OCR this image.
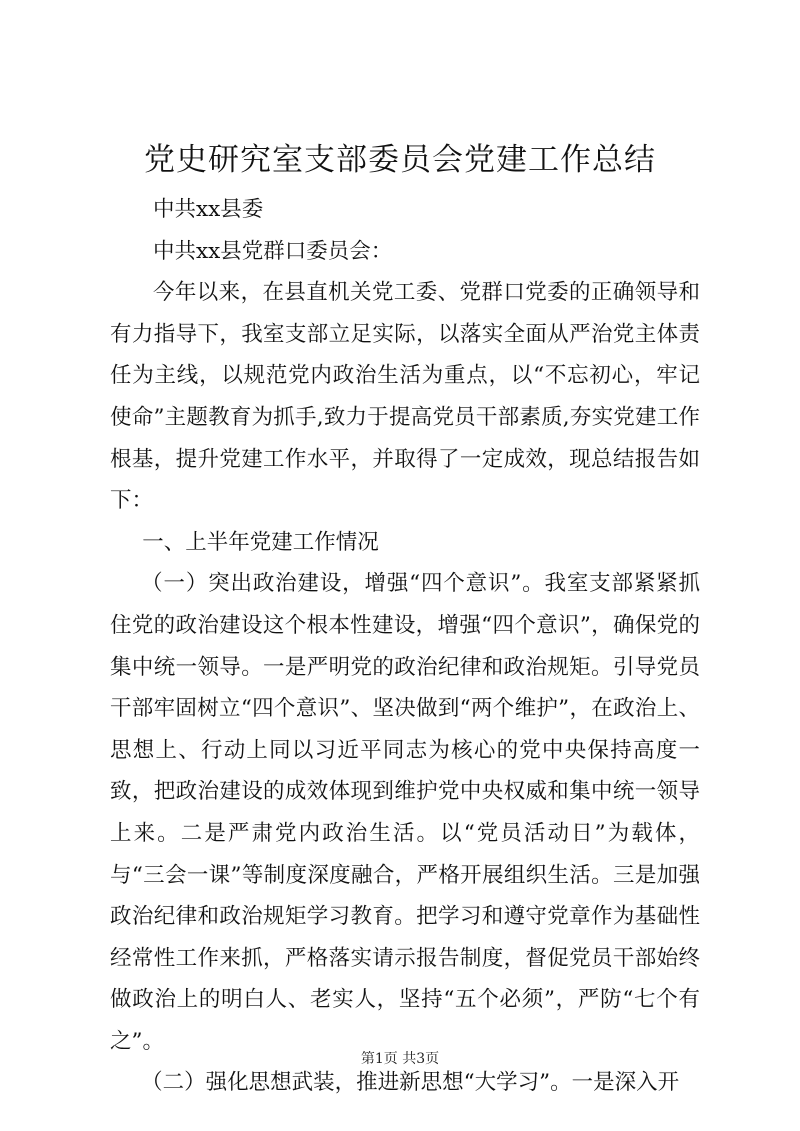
党史研究室支部委员会党建工作总结

中共xx县委

中共xx县党群口委员会：

今年以来，在县直机关党工委、党群口党委的正确领导和有力指导下，我室支部立足实际，以落实全面从严治党主体责任为主线，以规范党内政治生活为重点，以“不忘初心，牢记使命”主题教育为抓手,致力于提高党员干部素质,夯实党建工作根基，提升党建工作水平，并取得了一定成效，现总结报告如下：

一、上半年党建工作情况

（一）突出政治建设，增强“四个意识”。我室支部紧紧抓住党的政治建设这个根本性建设，增强“四个意识”，确保党的集中统一领导。一是严明党的政治纪律和政治规矩。引导党员干部牢固树立“四个意识”、坚决做到“两个维护”，在政治上、思想上、行动上同以习近平同志为核心的党中央保持高度一致，把政治建设的成效体现到维护党中央权威和集中统一领导上来。二是严肃党内政治生活。以“党员活动日”为载体，与“三会一课”等制度深度融合，严格开展组织生活。三是加强政治纪律和政治规矩学习教育。把学习和遵守党章作为基础性经常性工作来抓，严格落实请示报告制度，督促党员干部始终做政治上的明白人、老实人，坚持“五个必须”，严防“七个有之”。

（二）强化思想武装，推进新思想“大学习”。一是深入开

第1页 共3页
